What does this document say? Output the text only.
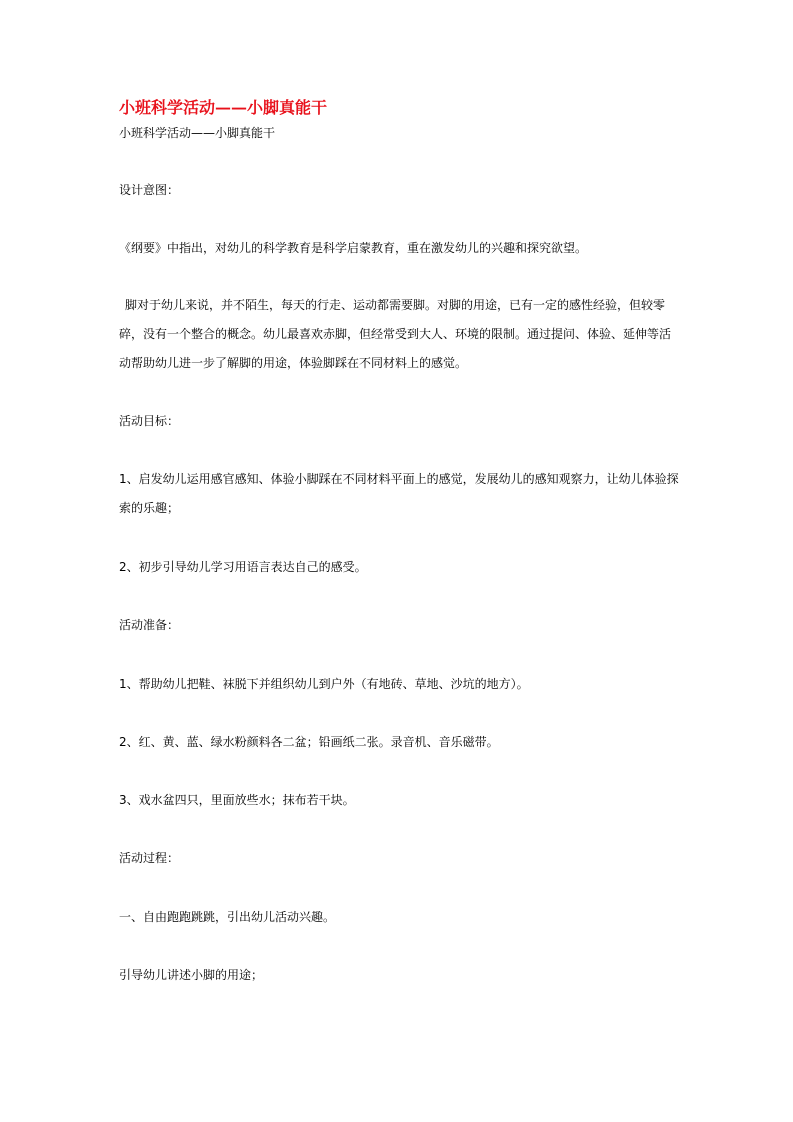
小班科学活动——小脚真能干
小班科学活动——小脚真能干
设计意图：
《纲要》中指出，对幼儿的科学教育是科学启蒙教育，重在激发幼儿的兴趣和探究欲望。
脚对于幼儿来说，并不陌生，每天的行走、运动都需要脚。对脚的用途，已有一定的感性经验，但较零
碎，没有一个整合的概念。幼儿最喜欢赤脚，但经常受到大人、环境的限制。通过提问、体验、延伸等活
动帮助幼儿进一步了解脚的用途，体验脚踩在不同材料上的感觉。
活动目标：
1、启发幼儿运用感官感知、体验小脚踩在不同材料平面上的感觉，发展幼儿的感知观察力，让幼儿体验探
索的乐趣；
2、初步引导幼儿学习用语言表达自己的感受。
活动准备：
1、帮助幼儿把鞋、袜脱下并组织幼儿到户外（有地砖、草地、沙坑的地方）。
2、红、黄、蓝、绿水粉颜料各二盆；铅画纸二张。录音机、音乐磁带。
3、戏水盆四只，里面放些水；抹布若干块。
活动过程：
一、自由跑跑跳跳，引出幼儿活动兴趣。
引导幼儿讲述小脚的用途；
